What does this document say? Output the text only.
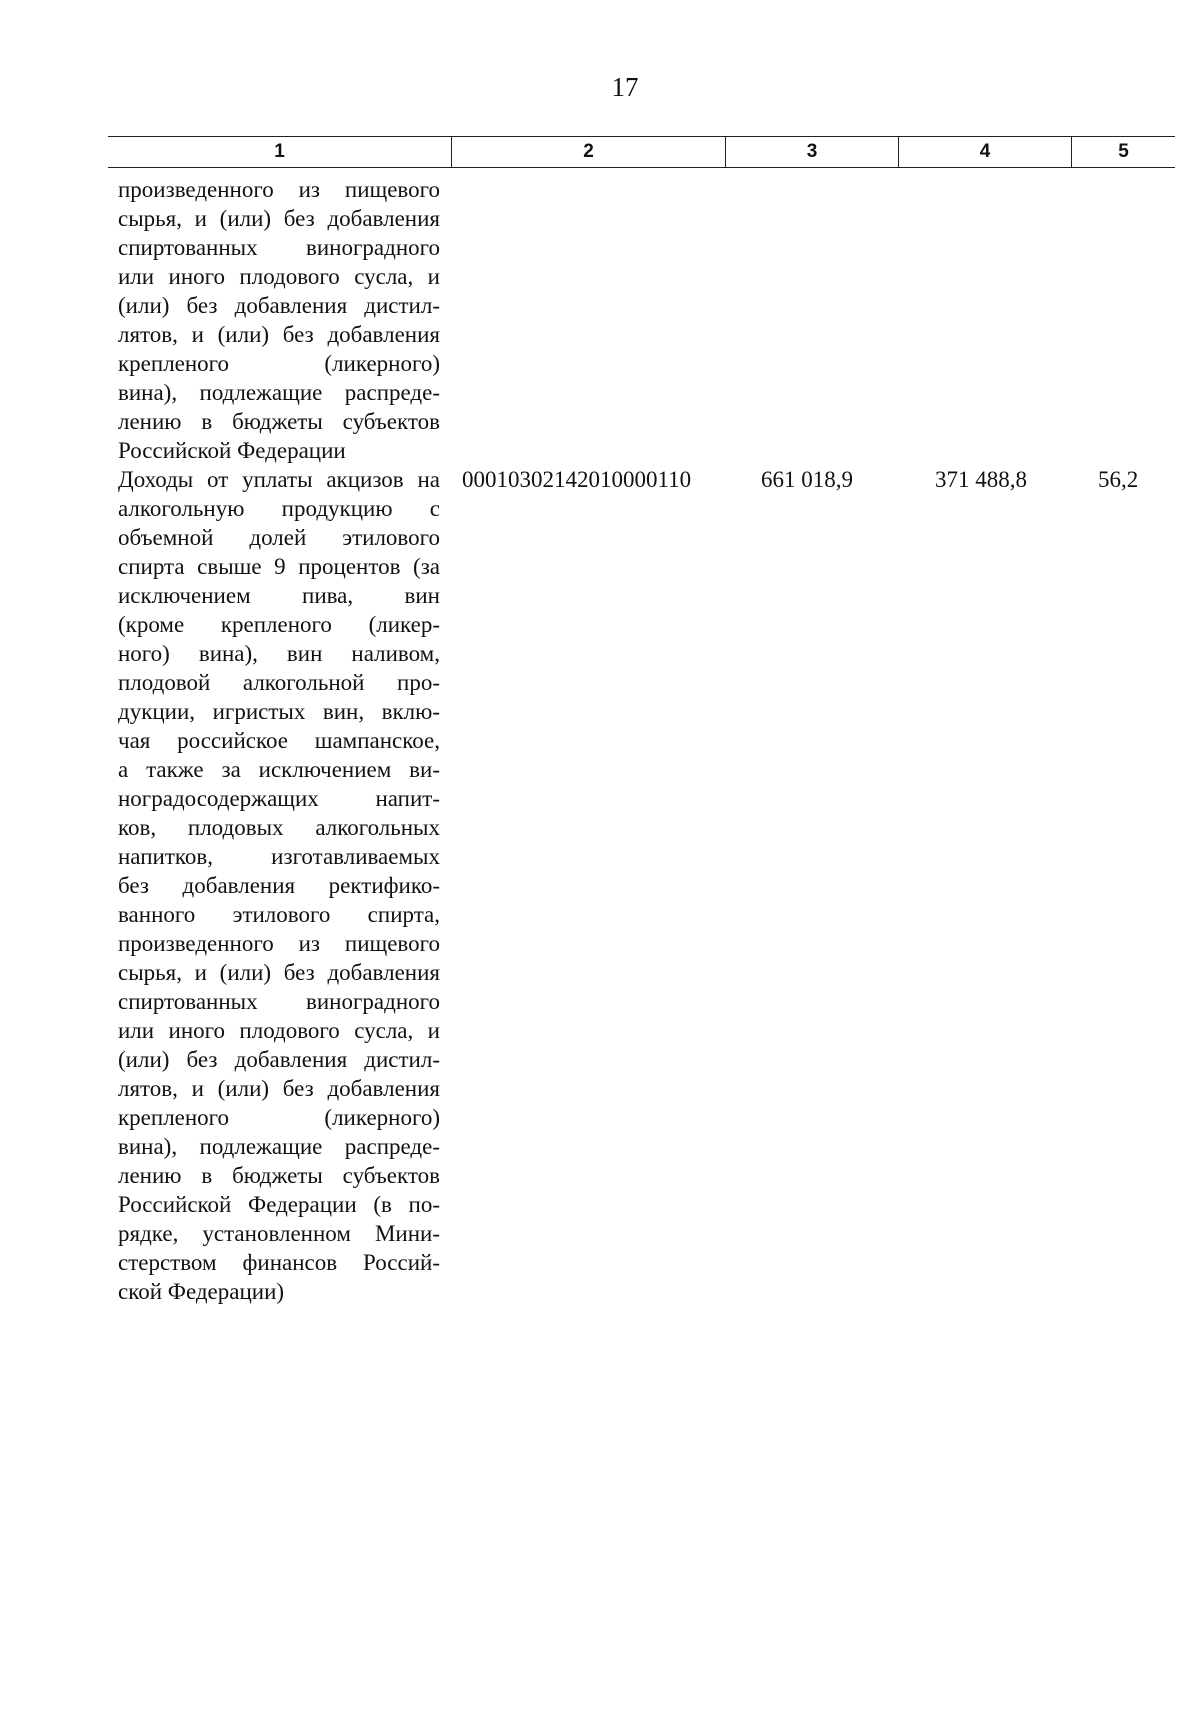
17
1	2	3	4	5
произведенного из пищевого
сырья, и (или) без добавления
спиртованных виноградного
или иного плодового сусла, и
(или) без добавления дистил-
лятов, и (или) без добавления
крепленого (ликерного)
вина), подлежащие распреде-
лению в бюджеты субъектов
Российской Федерации
Доходы от уплаты акцизов на
алкогольную продукцию с
объемной долей этилового
спирта свыше 9 процентов (за
исключением пива, вин
(кроме крепленого (ликер-
ного) вина), вин наливом,
плодовой алкогольной про-
дукции, игристых вин, вклю-
чая российское шампанское,
а также за исключением ви-
ноградосодержащих напит-
ков, плодовых алкогольных
напитков, изготавливаемых
без добавления ректифико-
ванного этилового спирта,
произведенного из пищевого
сырья, и (или) без добавления
спиртованных виноградного
или иного плодового сусла, и
(или) без добавления дистил-
лятов, и (или) без добавления
крепленого (ликерного)
вина), подлежащие распреде-
лению в бюджеты субъектов
Российской Федерации (в по-
рядке, установленном Мини-
стерством финансов Россий-
ской Федерации)
00010302142010000110	661 018,9	371 488,8	56,2
